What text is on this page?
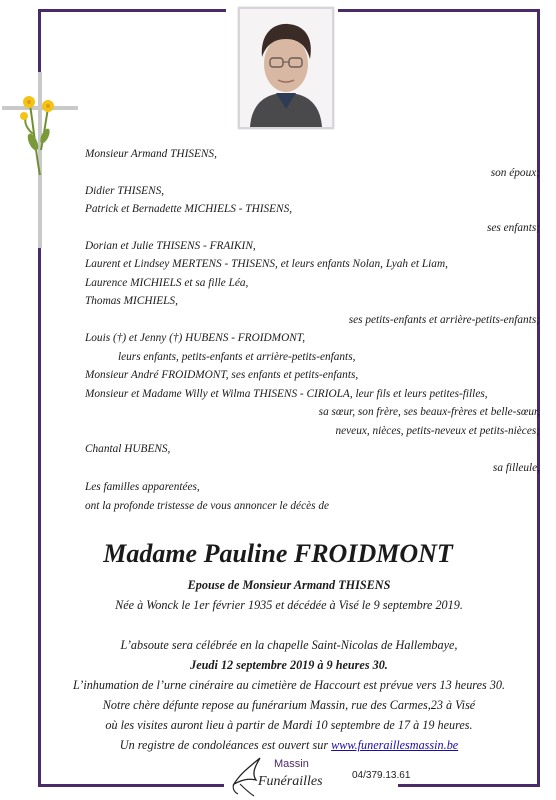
Monsieur Armand THISENS,
son époux;
Didier THISENS,
Patrick et Bernadette MICHIELS - THISENS,
ses enfants;
Dorian et Julie THISENS - FRAIKIN,
Laurent et Lindsey MERTENS - THISENS, et leurs enfants Nolan, Lyah et Liam,
Laurence MICHIELS et sa fille Léa,
Thomas MICHIELS,
ses petits-enfants et arrière-petits-enfants;
Louis (†) et Jenny (†) HUBENS - FROIDMONT,
leurs enfants, petits-enfants et arrière-petits-enfants,
Monsieur André FROIDMONT, ses enfants et petits-enfants,
Monsieur et Madame Willy et Wilma THISENS - CIRIOLA, leur fils et leurs petites-filles,
sa sœur, son frère, ses beaux-frères et belle-sœur,
neveux, nièces, petits-neveux et petits-nièces;
Chantal HUBENS,
sa filleule,
Les familles apparentées,
ont la profonde tristesse de vous annoncer le décès de
Madame Pauline FROIDMONT
Epouse de Monsieur Armand THISENS
Née à Wonck le 1er février 1935 et décédée à Visé le 9 septembre 2019.
L’absoute sera célébrée en la chapelle Saint-Nicolas de Hallembaye,
Jeudi 12 septembre 2019 à 9 heures 30.
L’inhumation de l’urne cinéraire au cimetière de Haccourt est prévue vers 13 heures 30.
Notre chère défunte repose au funérarium Massin, rue des Carmes,23 à Visé
où les visites auront lieu à partir de Mardi 10 septembre de 17 à 19 heures.
Un registre de condoléances est ouvert sur www.funeraillesmassin.be
Massin
Funérailles	04/379.13.61
